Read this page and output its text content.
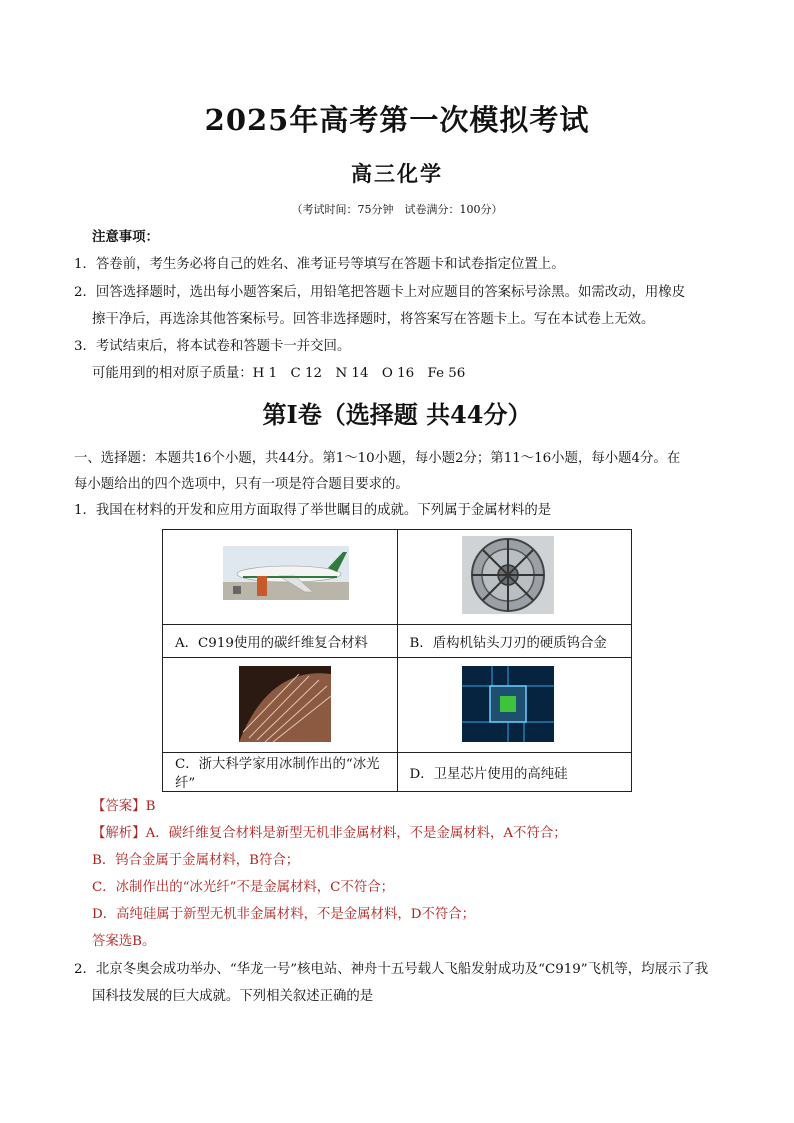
2025年高考第一次模拟考试
高三化学
（考试时间：75分钟　试卷满分：100分）
注意事项：
1．答卷前，考生务必将自己的姓名、准考证号等填写在答题卡和试卷指定位置上。
2．回答选择题时，选出每小题答案后，用铅笔把答题卡上对应题目的答案标号涂黑。如需改动，用橡皮
擦干净后，再选涂其他答案标号。回答非选择题时，将答案写在答题卡上。写在本试卷上无效。
3．考试结束后，将本试卷和答题卡一并交回。
可能用到的相对原子质量：H 1　C 12　N 14　O 16　Fe 56
第Ⅰ卷（选择题 共44分）
一、选择题：本题共16个小题，共44分。第1～10小题，每小题2分；第11～16小题，每小题4分。在
每小题给出的四个选项中，只有一项是符合题目要求的。
1．我国在材料的开发和应用方面取得了举世瞩目的成就。下列属于金属材料的是

A．C919使用的碳纤维复合材料	B．盾构机钻头刀刃的硬质钨合金

C．浙大科学家用冰制作出的“冰光纤”	D．卫星芯片使用的高纯硅
【答案】B
【解析】A．碳纤维复合材料是新型无机非金属材料，不是金属材料，A不符合；
B．钨合金属于金属材料，B符合；
C．冰制作出的“冰光纤”不是金属材料，C不符合；
D．高纯硅属于新型无机非金属材料，不是金属材料，D不符合；
答案选B。
2．北京冬奥会成功举办、“华龙一号”核电站、神舟十五号载人飞船发射成功及“C919”飞机等，均展示了我
国科技发展的巨大成就。下列相关叙述正确的是
